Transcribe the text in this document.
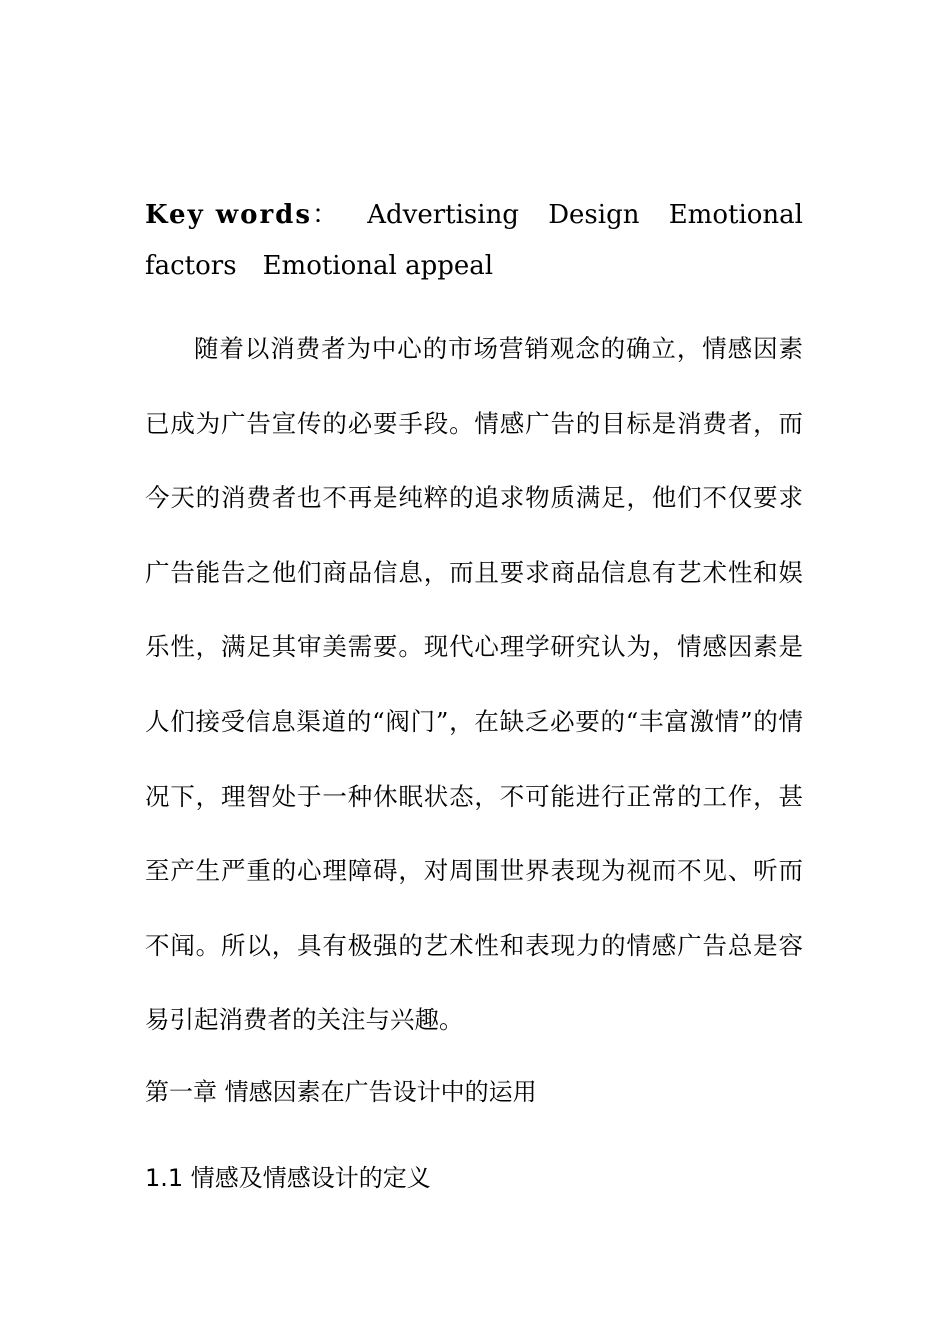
Key words： Advertising Design Emotional
factors Emotional appeal

随着以消费者为中心的市场营销观念的确立，情感因素已成为广告宣传的必要手段。情感广告的目标是消费者，而今天的消费者也不再是纯粹的追求物质满足，他们不仅要求广告能告之他们商品信息，而且要求商品信息有艺术性和娱乐性，满足其审美需要。现代心理学研究认为，情感因素是人们接受信息渠道的“阀门”，在缺乏必要的“丰富激情”的情况下，理智处于一种休眠状态，不可能进行正常的工作，甚至产生严重的心理障碍，对周围世界表现为视而不见、听而不闻。所以，具有极强的艺术性和表现力的情感广告总是容易引起消费者的关注与兴趣。

第一章 情感因素在广告设计中的运用
1.1 情感及情感设计的定义
